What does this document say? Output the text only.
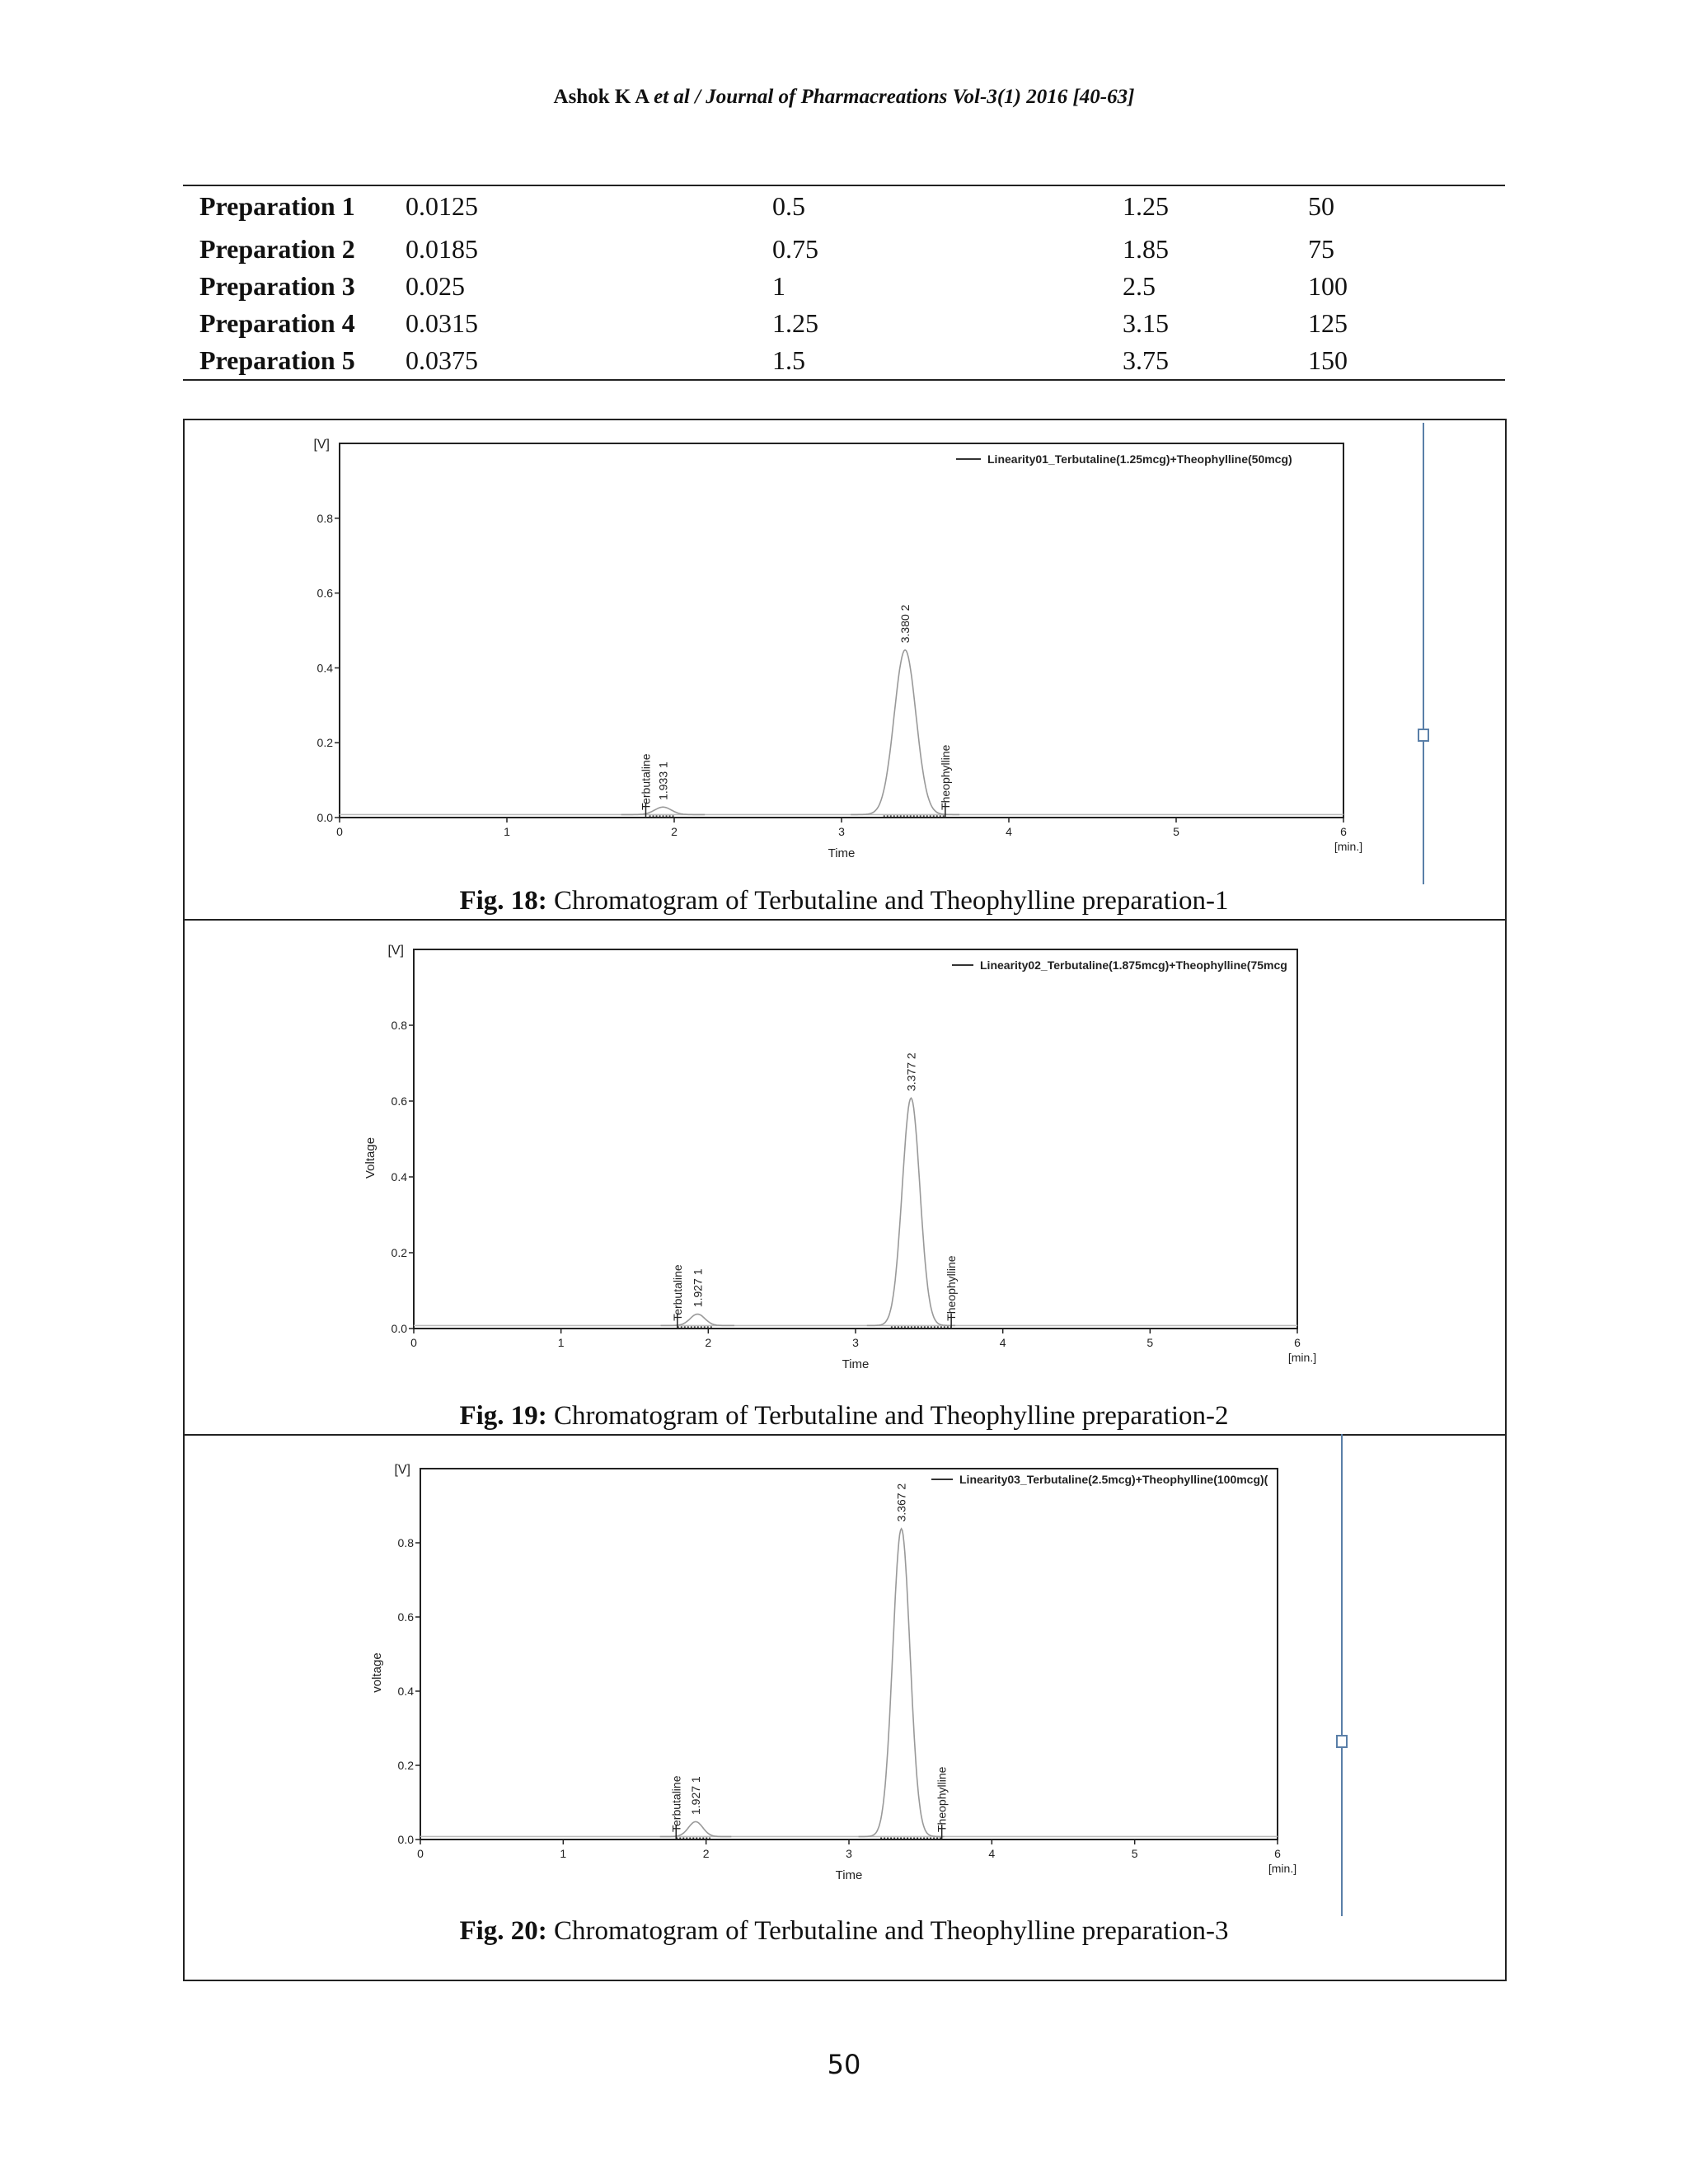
Ashok K A et al / Journal of Pharmacreations Vol-3(1) 2016 [40-63]
Preparation 1	0.0125	0.5	1.25	50
Preparation 2	0.0185	0.75	1.85	75
Preparation 3	0.025	1	2.5	100
Preparation 4	0.0315	1.25	3.15	125
Preparation 5	0.0375	1.5	3.75	150
0.0
0.2
0.4
0.6
0.8
[V]
0	1	2	3	4	5	6
Time	[min.]
1.933 1
3.380 2
Terbutaline	Theophylline
Linearity01_Terbutaline(1.25mcg)+Theophylline(50mcg)
0.0
0.2
0.4
0.6
0.8
[V]
0	1	2	3	4	5	6
Time	[min.]
Voltage
1.927 1
3.377 2
Terbutaline	Theophylline
Linearity02_Terbutaline(1.875mcg)+Theophylline(75mcg
0.0
0.2
0.4
0.6
0.8
[V]
0	1	2	3	4	5	6
Time	[min.]
voltage
1.927 1
3.367 2
Terbutaline	Theophylline
Linearity03_Terbutaline(2.5mcg)+Theophylline(100mcg)(
Fig. 18: Chromatogram of Terbutaline and Theophylline preparation-1
Fig. 19: Chromatogram of Terbutaline and Theophylline preparation-2
Fig. 20: Chromatogram of Terbutaline and Theophylline preparation-3
50
